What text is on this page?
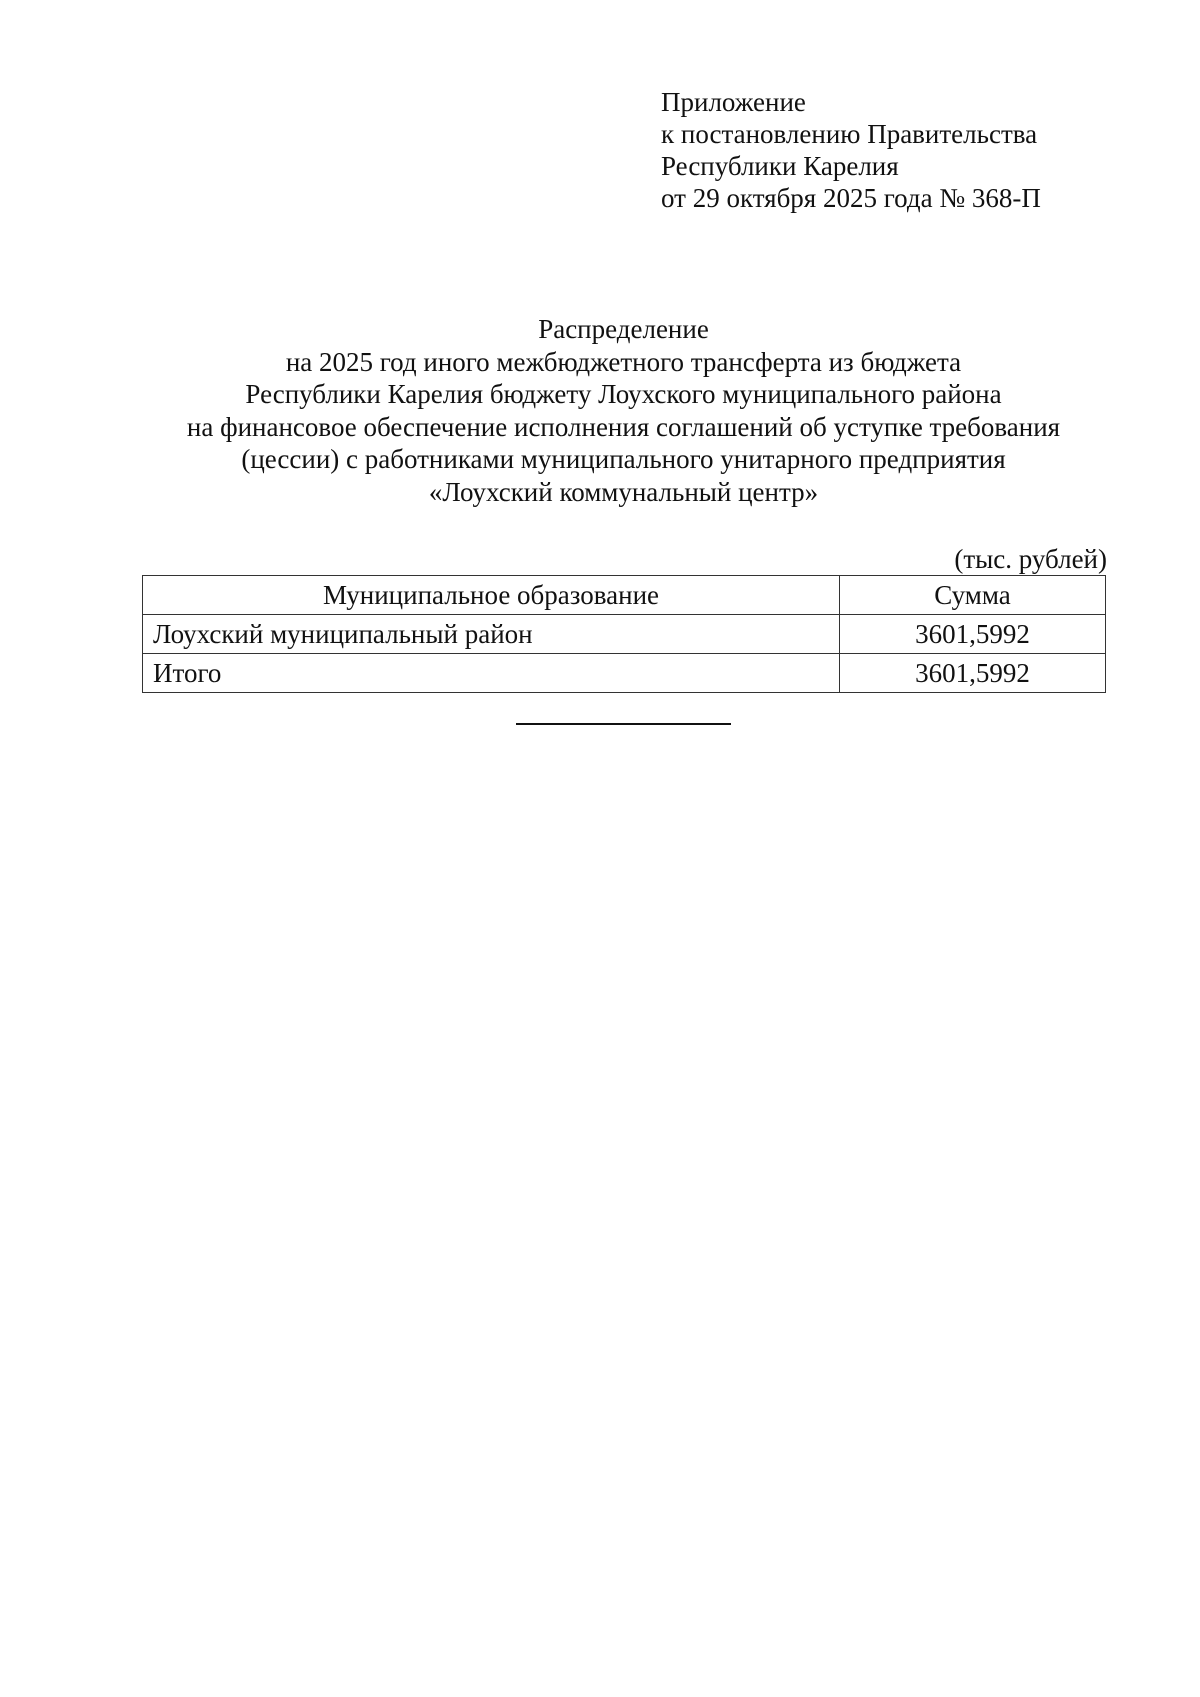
Приложение
к постановлению Правительства
Республики Карелия
от 29 октября 2025 года № 368-П
Распределение
на 2025 год иного межбюджетного трансферта из бюджета
Республики Карелия бюджету Лоухского муниципального района
на финансовое обеспечение исполнения соглашений об уступке требования
(цессии) с работниками муниципального унитарного предприятия
«Лоухский коммунальный центр»
(тыс. рублей)
Муниципальное образование	Сумма
Лоухский муниципальный район	3601,5992
Итого	3601,5992
